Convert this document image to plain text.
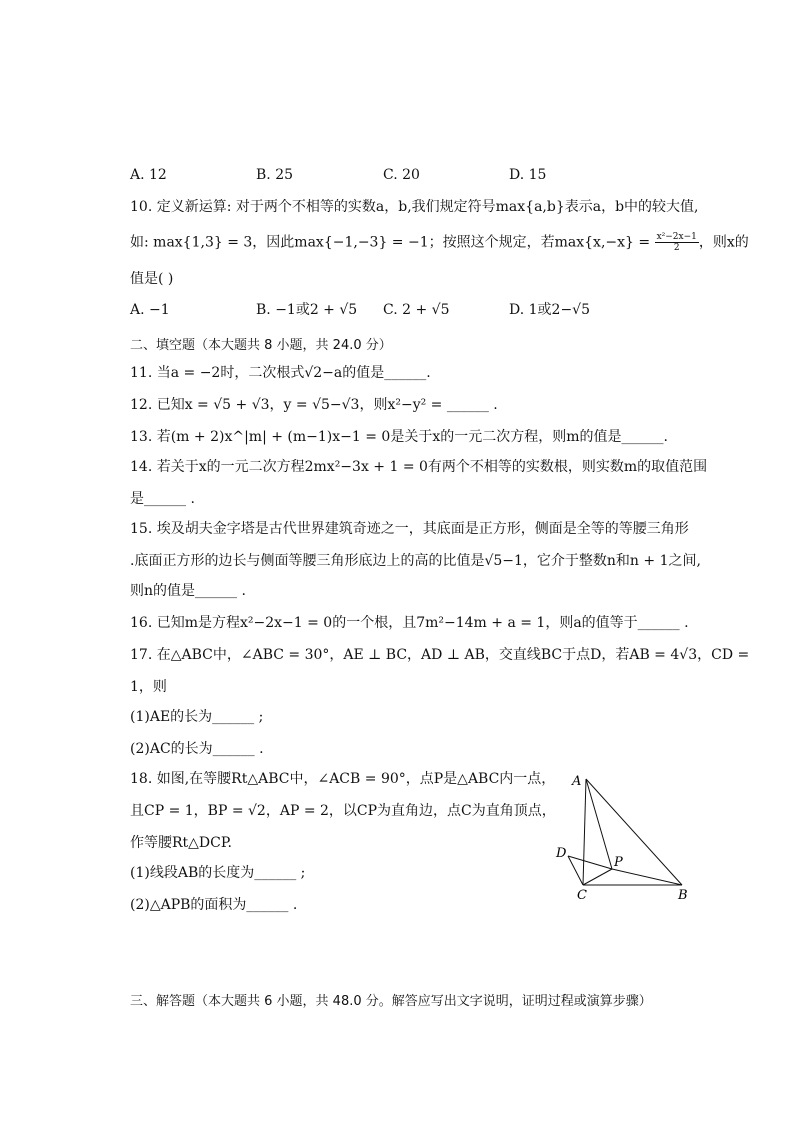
A. 12	B. 25	C. 20	D. 15
10. 定义新运算: 对于两个不相等的实数a，b,我们规定符号max{a,b}表示a，b中的较大值,
如: max{1,3} = 3，因此max{−1,−3} = −1；按照这个规定，若$\max\{x,-x\} = \frac{\text{x²−2x−1}}{2}$ ，则x的
值是( )
A. −1	B. −1或2 + √5 C. 2 + √5	D. 1或2−√5
二、填空题（本大题共 8 小题，共 24.0 分）
11. 当a = −2时，二次根式√2−a的值是______.
12. 已知x = √5 + √3，y = √5−√3，则x²−y² = ______ .
13. 若(m + 2)x^|m| + (m−1)x−1 = 0是关于x的一元二次方程，则m的值是______.
14. 若关于x的一元二次方程2mx²−3x + 1 = 0有两个不相等的实数根，则实数m的取值范围
是______ .
15. 埃及胡夫金字塔是古代世界建筑奇迹之一，其底面是正方形，侧面是全等的等腰三角形
.底面正方形的边长与侧面等腰三角形底边上的高的比值是√5−1，它介于整数n和n + 1之间,
则n的值是______ .
16. 已知m是方程x²−2x−1 = 0的一个根，且7m²−14m + a = 1，则a的值等于______ .
17. 在△ABC中，∠ABC = 30°，AE ⊥ BC，AD ⊥ AB，交直线BC于点D，若AB = 4√3，CD =
1，则
(1)AE的长为______ ;
(2)AC的长为______ .
18. 如图,在等腰Rt△ABC中，∠ACB = 90°，点P是△ABC内一点，
且CP = 1，BP = √2，AP = 2，以CP为直角边，点C为直角顶点，
作等腰Rt△DCP.
(1)线段AB的长度为______ ;
(2)△APB的面积为______ .
A
D
P
C	B
三、解答题（本大题共 6 小题，共 48.0 分。解答应写出文字说明，证明过程或演算步骤）
